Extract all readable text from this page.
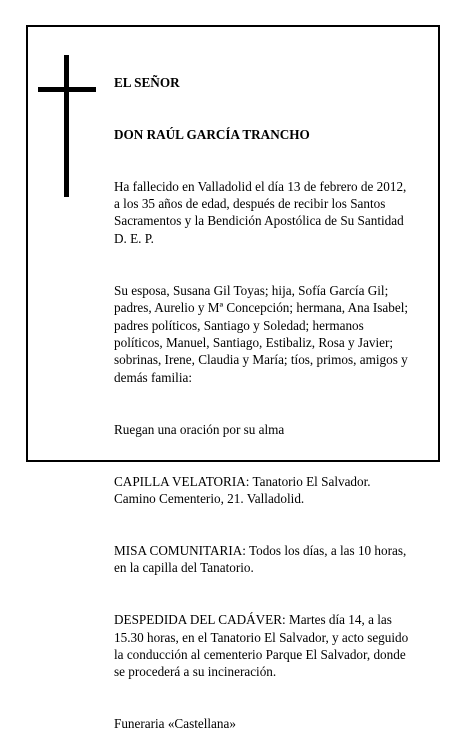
EL SEÑOR

DON RAÚL GARCÍA TRANCHO

Ha fallecido en Valladolid el día 13 de febrero de 2012,
a los 35 años de edad, después de recibir los Santos
Sacramentos y la Bendición Apostólica de Su Santidad
D. E. P.

Su esposa, Susana Gil Toyas; hija, Sofía García Gil;
padres, Aurelio y Mª Concepción; hermana, Ana Isabel;
padres políticos, Santiago y Soledad; hermanos
políticos, Manuel, Santiago, Estibaliz, Rosa y Javier;
sobrinas, Irene, Claudia y María; tíos, primos, amigos y
demás familia:

Ruegan una oración por su alma

CAPILLA VELATORIA: Tanatorio El Salvador.
Camino Cementerio, 21. Valladolid.

MISA COMUNITARIA: Todos los días, a las 10 horas,
en la capilla del Tanatorio.

DESPEDIDA DEL CADÁVER: Martes día 14, a las
15.30 horas, en el Tanatorio El Salvador, y acto seguido
la conducción al cementerio Parque El Salvador, donde
se procederá a su incineración.

Funeraria «Castellana»
